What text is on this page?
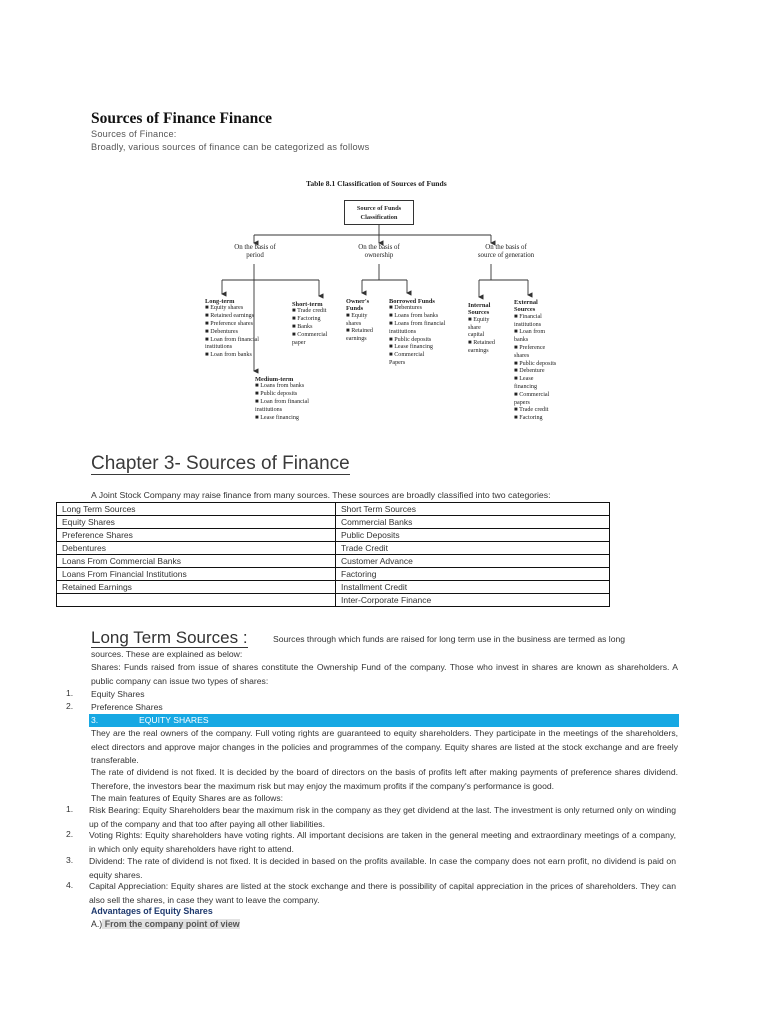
Sources of Finance Finance
Sources of Finance:
Broadly, various sources of finance can be categorized as follows
Table 8.1 Classification of Sources of Funds
Source of Funds
Classification
On the basis of
period
On the basis of
ownership
On the basis of
source of generation
Long-term
■ Equity shares
■ Retained earnings
■ Preference shares
■ Debentures
■ Loan from financial
institutions
■ Loan from banks
Short-term
■ Trade credit
■ Factoring
■ Banks
■ Commercial
paper
Medium-term
■ Loans from banks
■ Public deposits
■ Loan from financial
institutions
■ Lease financing
Owner's
Funds
■ Equity
shares
■ Retained
earnings
Borrowed Funds
■ Debentures
■ Loans from banks
■ Loans from financial
institutions
■ Public deposits
■ Lease financing
■ Commercial
Papers
Internal
Sources
■ Equity
share
capital
■ Retained
earnings
External
Sources
■ Financial
institutions
■ Loan from
banks
■ Preference
shares
■ Public deposits
■ Debenture
■ Lease
financing
■ Commercial
papers
■ Trade credit
■ Factoring
Chapter 3- Sources of Finance
A Joint Stock Company may raise finance from many sources. These sources are broadly classified into two categories:
Long Term Sources	Short Term Sources
Equity Shares	Commercial Banks
Preference Shares	Public Deposits
Debentures	Trade Credit
Loans From Commercial Banks	Customer Advance
Loans From Financial Institutions	Factoring
Retained Earnings	Installment Credit
	Inter-Corporate Finance
Long Term Sources :	Sources through which funds are raised for long term use in the business are termed as long
sources. These are explained as below:
Shares: Funds raised from issue of shares constitute the Ownership Fund of the company. Those who invest in shares are known as shareholders. A public company can issue two types of shares:
1. Equity Shares
2. Preference Shares
3.	EQUITY SHARES
They are the real owners of the company. Full voting rights are guaranteed to equity shareholders. They participate in the meetings of the shareholders, elect directors and approve major changes in the policies and programmes of the company. Equity shares are listed at the stock exchange and are freely transferable.
The rate of dividend is not fixed. It is decided by the board of directors on the basis of profits left after making payments of preference shares dividend. Therefore, the investors bear the maximum risk but may enjoy the maximum profits if the company's performance is good.
The main features of Equity Shares are as follows:
1. Risk Bearing: Equity Shareholders bear the maximum risk in the company as they get dividend at the last. The investment is only returned only on winding up of the company and that too after paying all other liabilities.
2. Voting Rights: Equity shareholders have voting rights. All important decisions are taken in the general meeting and extraordinary meetings of a company, in which only equity shareholders have right to attend.
3. Dividend: The rate of dividend is not fixed. It is decided in based on the profits available. In case the company does not earn profit, no dividend is paid on equity shares.
4. Capital Appreciation: Equity shares are listed at the stock exchange and there is possibility of capital appreciation in the prices of shareholders. They can also sell the shares, in case they want to leave the company.
Advantages of Equity Shares
A.) From the company point of view
